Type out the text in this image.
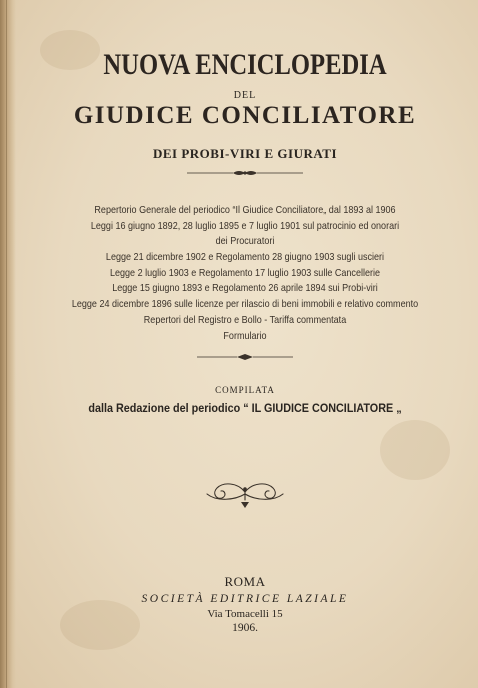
NUOVA ENCICLOPEDIA
DEL
GIUDICE CONCILIATORE
DEI PROBI-VIRI E GIURATI
Repertorio Generale del periodico “Il Giudice Conciliatore„ dal 1893 al 1906
Leggi 16 giugno 1892, 28 luglio 1895 e 7 luglio 1901 sul patrocinio ed onorari
dei Procuratori
Legge 21 dicembre 1902 e Regolamento 28 giugno 1903 sugli uscieri
Legge 2 luglio 1903 e Regolamento 17 luglio 1903 sulle Cancellerie
Legge 15 giugno 1893 e Regolamento 26 aprile 1894 sui Probi-viri
Legge 24 dicembre 1896 sulle licenze per rilascio di beni immobili e relativo commento
Repertori del Registro e Bollo - Tariffa commentata
Formulario
COMPILATA
dalla Redazione del periodico “ IL GIUDICE CONCILIATORE „
ROMA
SOCIETÀ EDITRICE LAZIALE
Via Tomacelli 15
1906.
